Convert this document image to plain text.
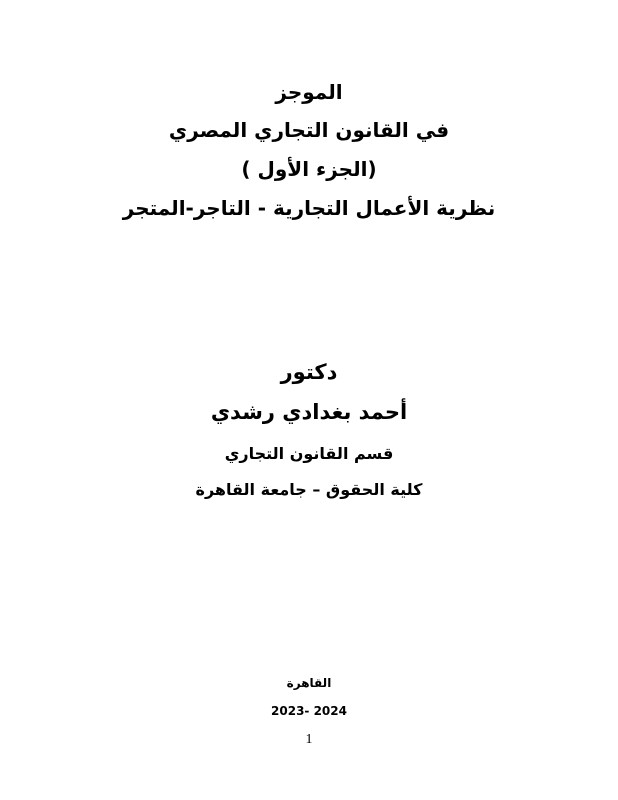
الموجز
في القانون التجاري المصري
(الجزء الأول )
نظرية الأعمال التجارية - التاجر-المتجر
دكتور
أحمد بغدادي رشدي
قسم القانون التجاري
كلية الحقوق – جامعة القاهرة
القاهرة
2023- 2024
1
